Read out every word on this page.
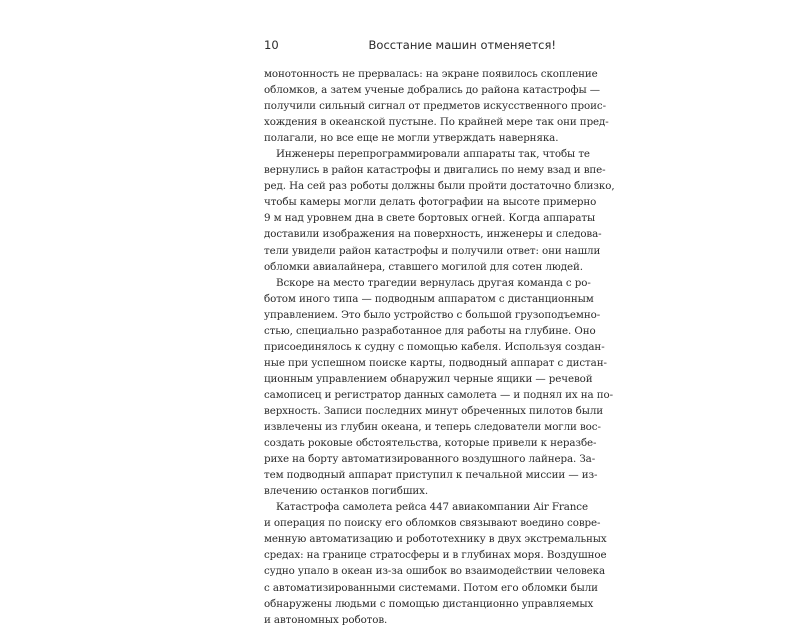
10	Восстание машин отменяется!
монотонность не прервалась: на экране появилось скопление
обломков, а затем ученые добрались до района катастрофы —
получили сильный сигнал от предметов искусственного проис-
хождения в океанской пустыне. По крайней мере так они пред-
полагали, но все еще не могли утверждать наверняка.
Инженеры перепрограммировали аппараты так, чтобы те
вернулись в район катастрофы и двигались по нему взад и впе-
ред. На сей раз роботы должны были пройти достаточно близко,
чтобы камеры могли делать фотографии на высоте примерно
9 м над уровнем дна в свете бортовых огней. Когда аппараты
доставили изображения на поверхность, инженеры и следова-
тели увидели район катастрофы и получили ответ: они нашли
обломки авиалайнера, ставшего могилой для сотен людей.
Вскоре на место трагедии вернулась другая команда с ро-
ботом иного типа — подводным аппаратом с дистанционным
управлением. Это было устройство с большой грузоподъемно-
стью, специально разработанное для работы на глубине. Оно
присоединялось к судну с помощью кабеля. Используя создан-
ные при успешном поиске карты, подводный аппарат с дистан-
ционным управлением обнаружил черные ящики — речевой
самописец и регистратор данных самолета — и поднял их на по-
верхность. Записи последних минут обреченных пилотов были
извлечены из глубин океана, и теперь следователи могли вос-
создать роковые обстоятельства, которые привели к неразбе-
рихе на борту автоматизированного воздушного лайнера. За-
тем подводный аппарат приступил к печальной миссии — из-
влечению останков погибших.
Катастрофа самолета рейса 447 авиакомпании Air France
и операция по поиску его обломков связывают воедино совре-
менную автоматизацию и робототехнику в двух экстремальных
средах: на границе стратосферы и в глубинах моря. Воздушное
судно упало в океан из-за ошибок во взаимодействии человека
с автоматизированными системами. Потом его обломки были
обнаружены людьми с помощью дистанционно управляемых
и автономных роботов.
